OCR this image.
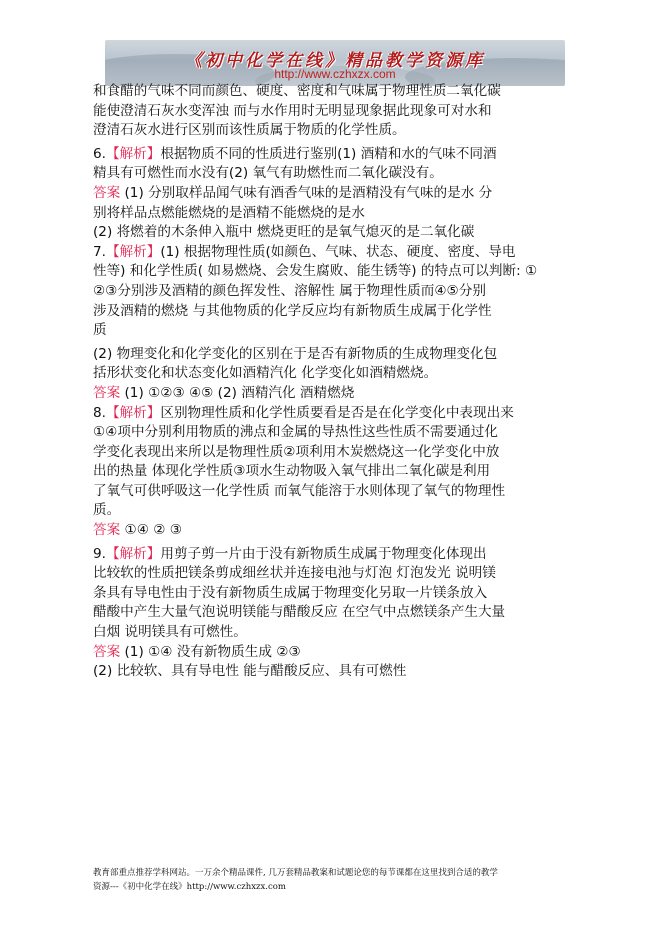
《初中化学在线》精品教学资源库
http://www.czhxzx.com
和食醋的气味不同而颜色、硬度、密度和气味属于物理性质二氧化碳
能使澄清石灰水变浑浊 而与水作用时无明显现象据此现象可对水和
澄清石灰水进行区别而该性质属于物质的化学性质。
6.【解析】根据物质不同的性质进行鉴别(1) 酒精和水的气味不同酒
精具有可燃性而水没有(2) 氧气有助燃性而二氧化碳没有。
答案 (1) 分别取样品闻气味有酒香气味的是酒精没有气味的是水 分
别将样品点燃能燃烧的是酒精不能燃烧的是水
(2) 将燃着的木条伸入瓶中 燃烧更旺的是氧气熄灭的是二氧化碳
7.【解析】(1) 根据物理性质(如颜色、气味、状态、硬度、密度、导电
性等) 和化学性质( 如易燃烧、会发生腐败、能生锈等) 的特点可以判断: ①
②③分别涉及酒精的颜色挥发性、溶解性 属于物理性质而④⑤分别
涉及酒精的燃烧 与其他物质的化学反应均有新物质生成属于化学性
质
(2) 物理变化和化学变化的区别在于是否有新物质的生成物理变化包
括形状变化和状态变化如酒精汽化 化学变化如酒精燃烧。
答案 (1) ①②③ ④⑤ (2) 酒精汽化 酒精燃烧
8.【解析】区别物理性质和化学性质要看是否是在化学变化中表现出来
①④项中分别利用物质的沸点和金属的导热性这些性质不需要通过化
学变化表现出来所以是物理性质②项利用木炭燃烧这一化学变化中放
出的热量 体现化学性质③项水生动物吸入氧气排出二氧化碳是利用
了氧气可供呼吸这一化学性质 而氧气能溶于水则体现了氧气的物理性
质。
答案 ①④ ② ③
9.【解析】用剪子剪一片由于没有新物质生成属于物理变化体现出
比较软的性质把镁条剪成细丝状并连接电池与灯泡 灯泡发光 说明镁
条具有导电性由于没有新物质生成属于物理变化另取一片镁条放入
醋酸中产生大量气泡说明镁能与醋酸反应 在空气中点燃镁条产生大量
白烟 说明镁具有可燃性。
答案 (1) ①④ 没有新物质生成 ②③
(2) 比较软、具有导电性 能与醋酸反应、具有可燃性
教育部重点推荐学科网站。一万余个精品课件, 几万套精品教案和试题论您的每节课都在这里找到合适的教学
资源---《初中化学在线》http://www.czhxzx.com
